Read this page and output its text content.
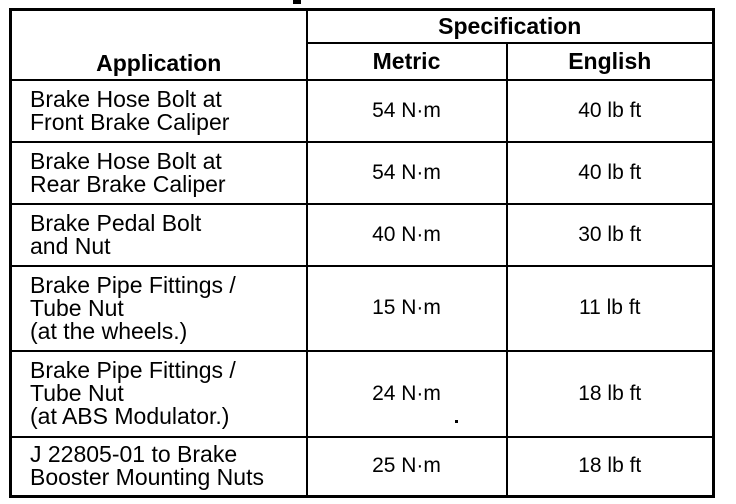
Application	Specification	
	Metric	English

Brake Hose Bolt at
Front Brake Caliper	54 N·m	40 lb ft

Brake Hose Bolt at
Rear Brake Caliper	54 N·m	40 lb ft

Brake Pedal Bolt
and Nut	40 N·m	30 lb ft

Brake Pipe Fittings /
Tube Nut
(at the wheels.)	15 N·m	11 lb ft

Brake Pipe Fittings /
Tube Nut
(at ABS Modulator.)	24 N·m	18 lb ft

J 22805-01 to Brake
Booster Mounting Nuts	25 N·m	18 lb ft
